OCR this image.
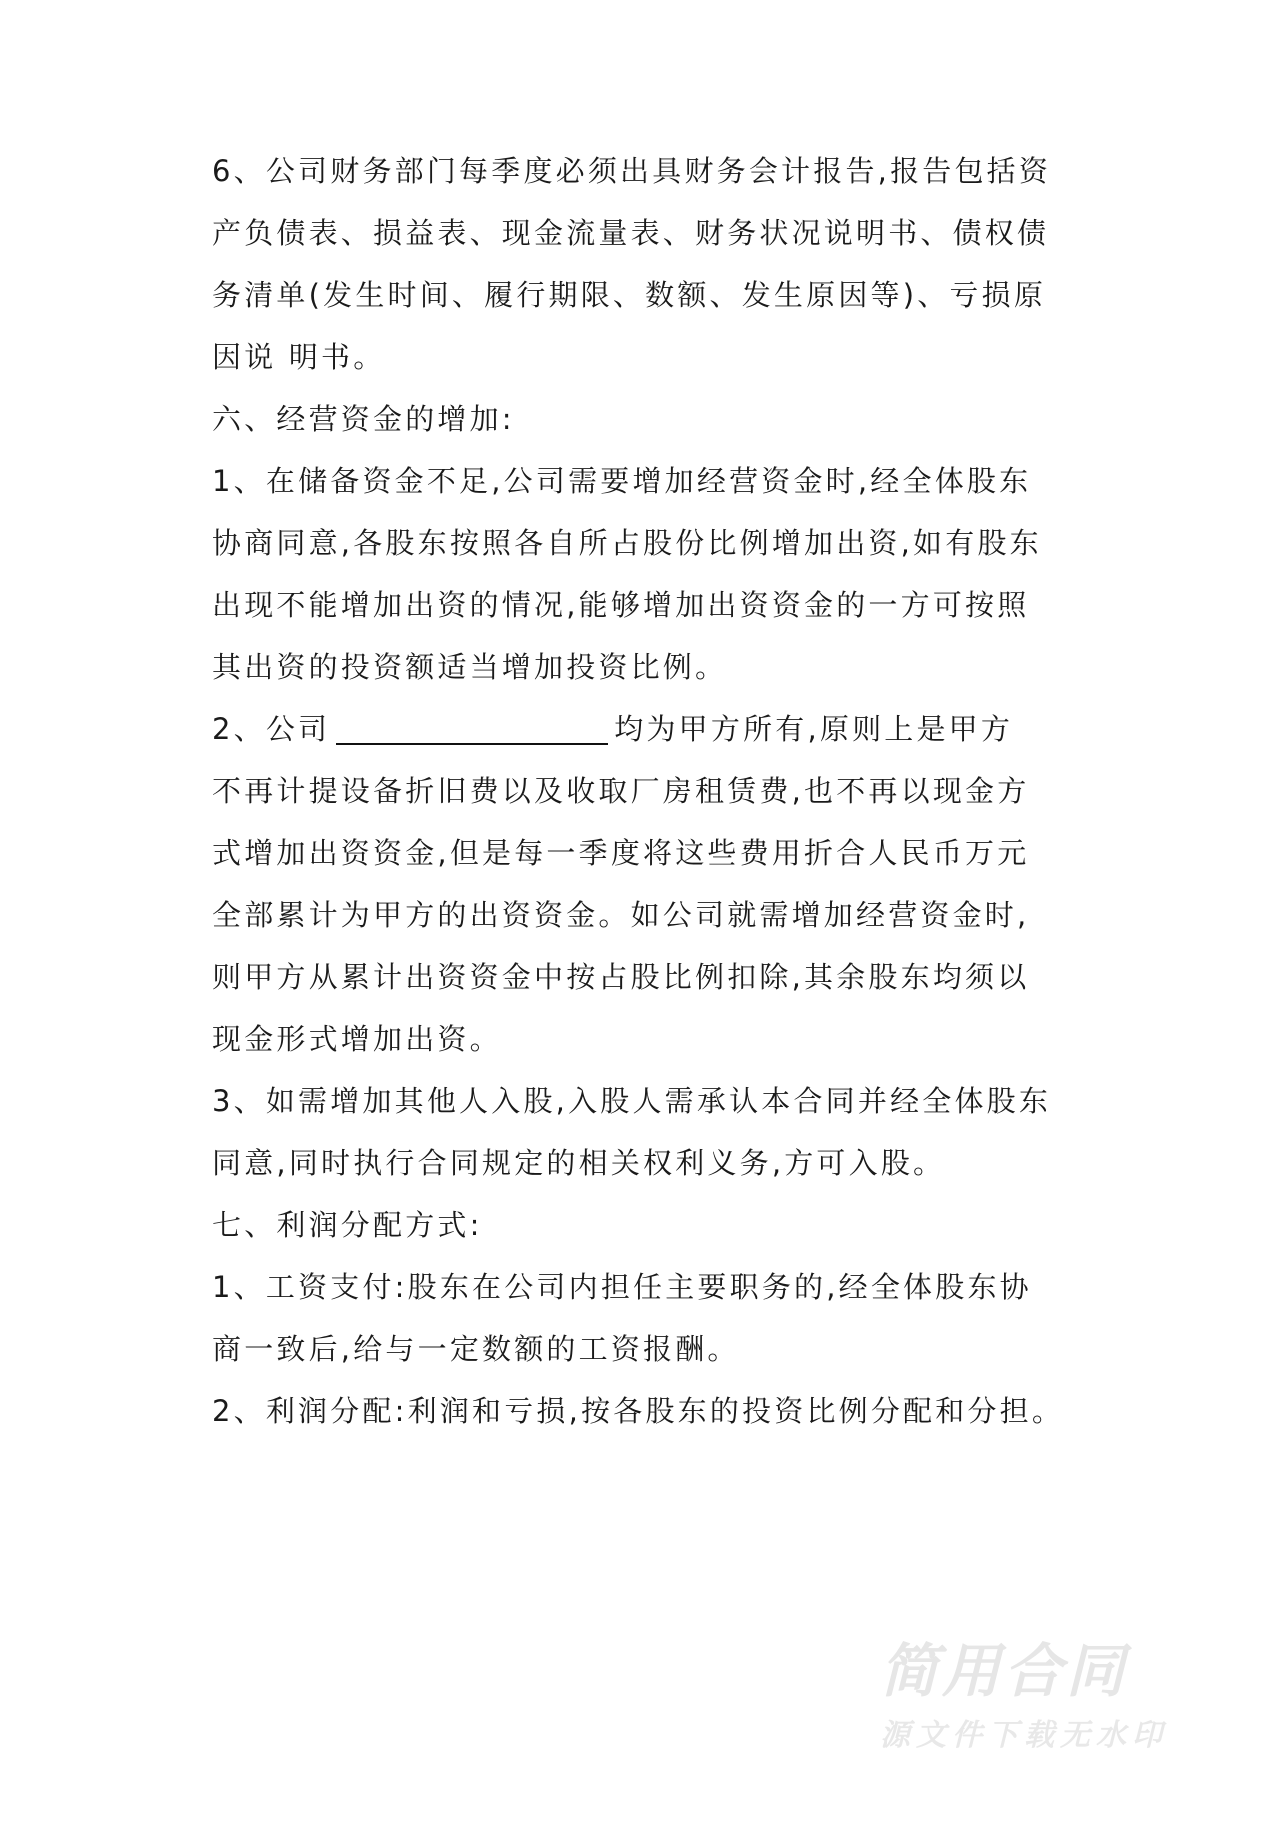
6、公司财务部门每季度必须出具财务会计报告,报告包括资
产负债表、损益表、现金流量表、财务状况说明书、债权债
务清单(发生时间、履行期限、数额、发生原因等)、亏损原
因说 明书。
六、经营资金的增加:
1、在储备资金不足,公司需要增加经营资金时,经全体股东
协商同意,各股东按照各自所占股份比例增加出资,如有股东
出现不能增加出资的情况,能够增加出资资金的一方可按照
其出资的投资额适当增加投资比例。
2、公司	均为甲方所有,原则上是甲方
不再计提设备折旧费以及收取厂房租赁费,也不再以现金方
式增加出资资金,但是每一季度将这些费用折合人民币万元
全部累计为甲方的出资资金。如公司就需增加经营资金时,
则甲方从累计出资资金中按占股比例扣除,其余股东均须以
现金形式增加出资。
3、如需增加其他人入股,入股人需承认本合同并经全体股东
同意,同时执行合同规定的相关权利义务,方可入股。
七、利润分配方式:
1、工资支付:股东在公司内担任主要职务的,经全体股东协
商一致后,给与一定数额的工资报酬。
2、利润分配:利润和亏损,按各股东的投资比例分配和分担。
简用合同
源文件下载无水印
